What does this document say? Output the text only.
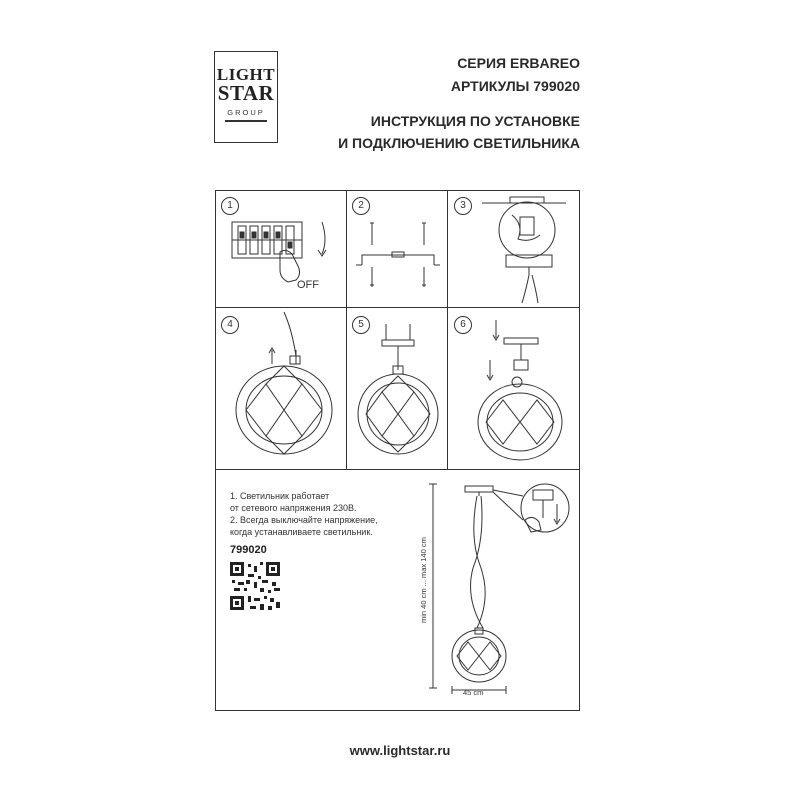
LIGHT
STAR
GROUP
СЕРИЯ ERBAREO
АРТИКУЛЫ 799020
ИНСТРУКЦИЯ ПО УСТАНОВКЕ
И ПОДКЛЮЧЕНИЮ СВЕТИЛЬНИКА
1	2	3
4	5	6
OFF
1. Светильник работает
от сетевого напряжения 230В.
2. Всегда выключайте напряжение,
когда устанавливаете светильник.
799020	min 40 cm ... max 140 cm
45 cm
www.lightstar.ru
